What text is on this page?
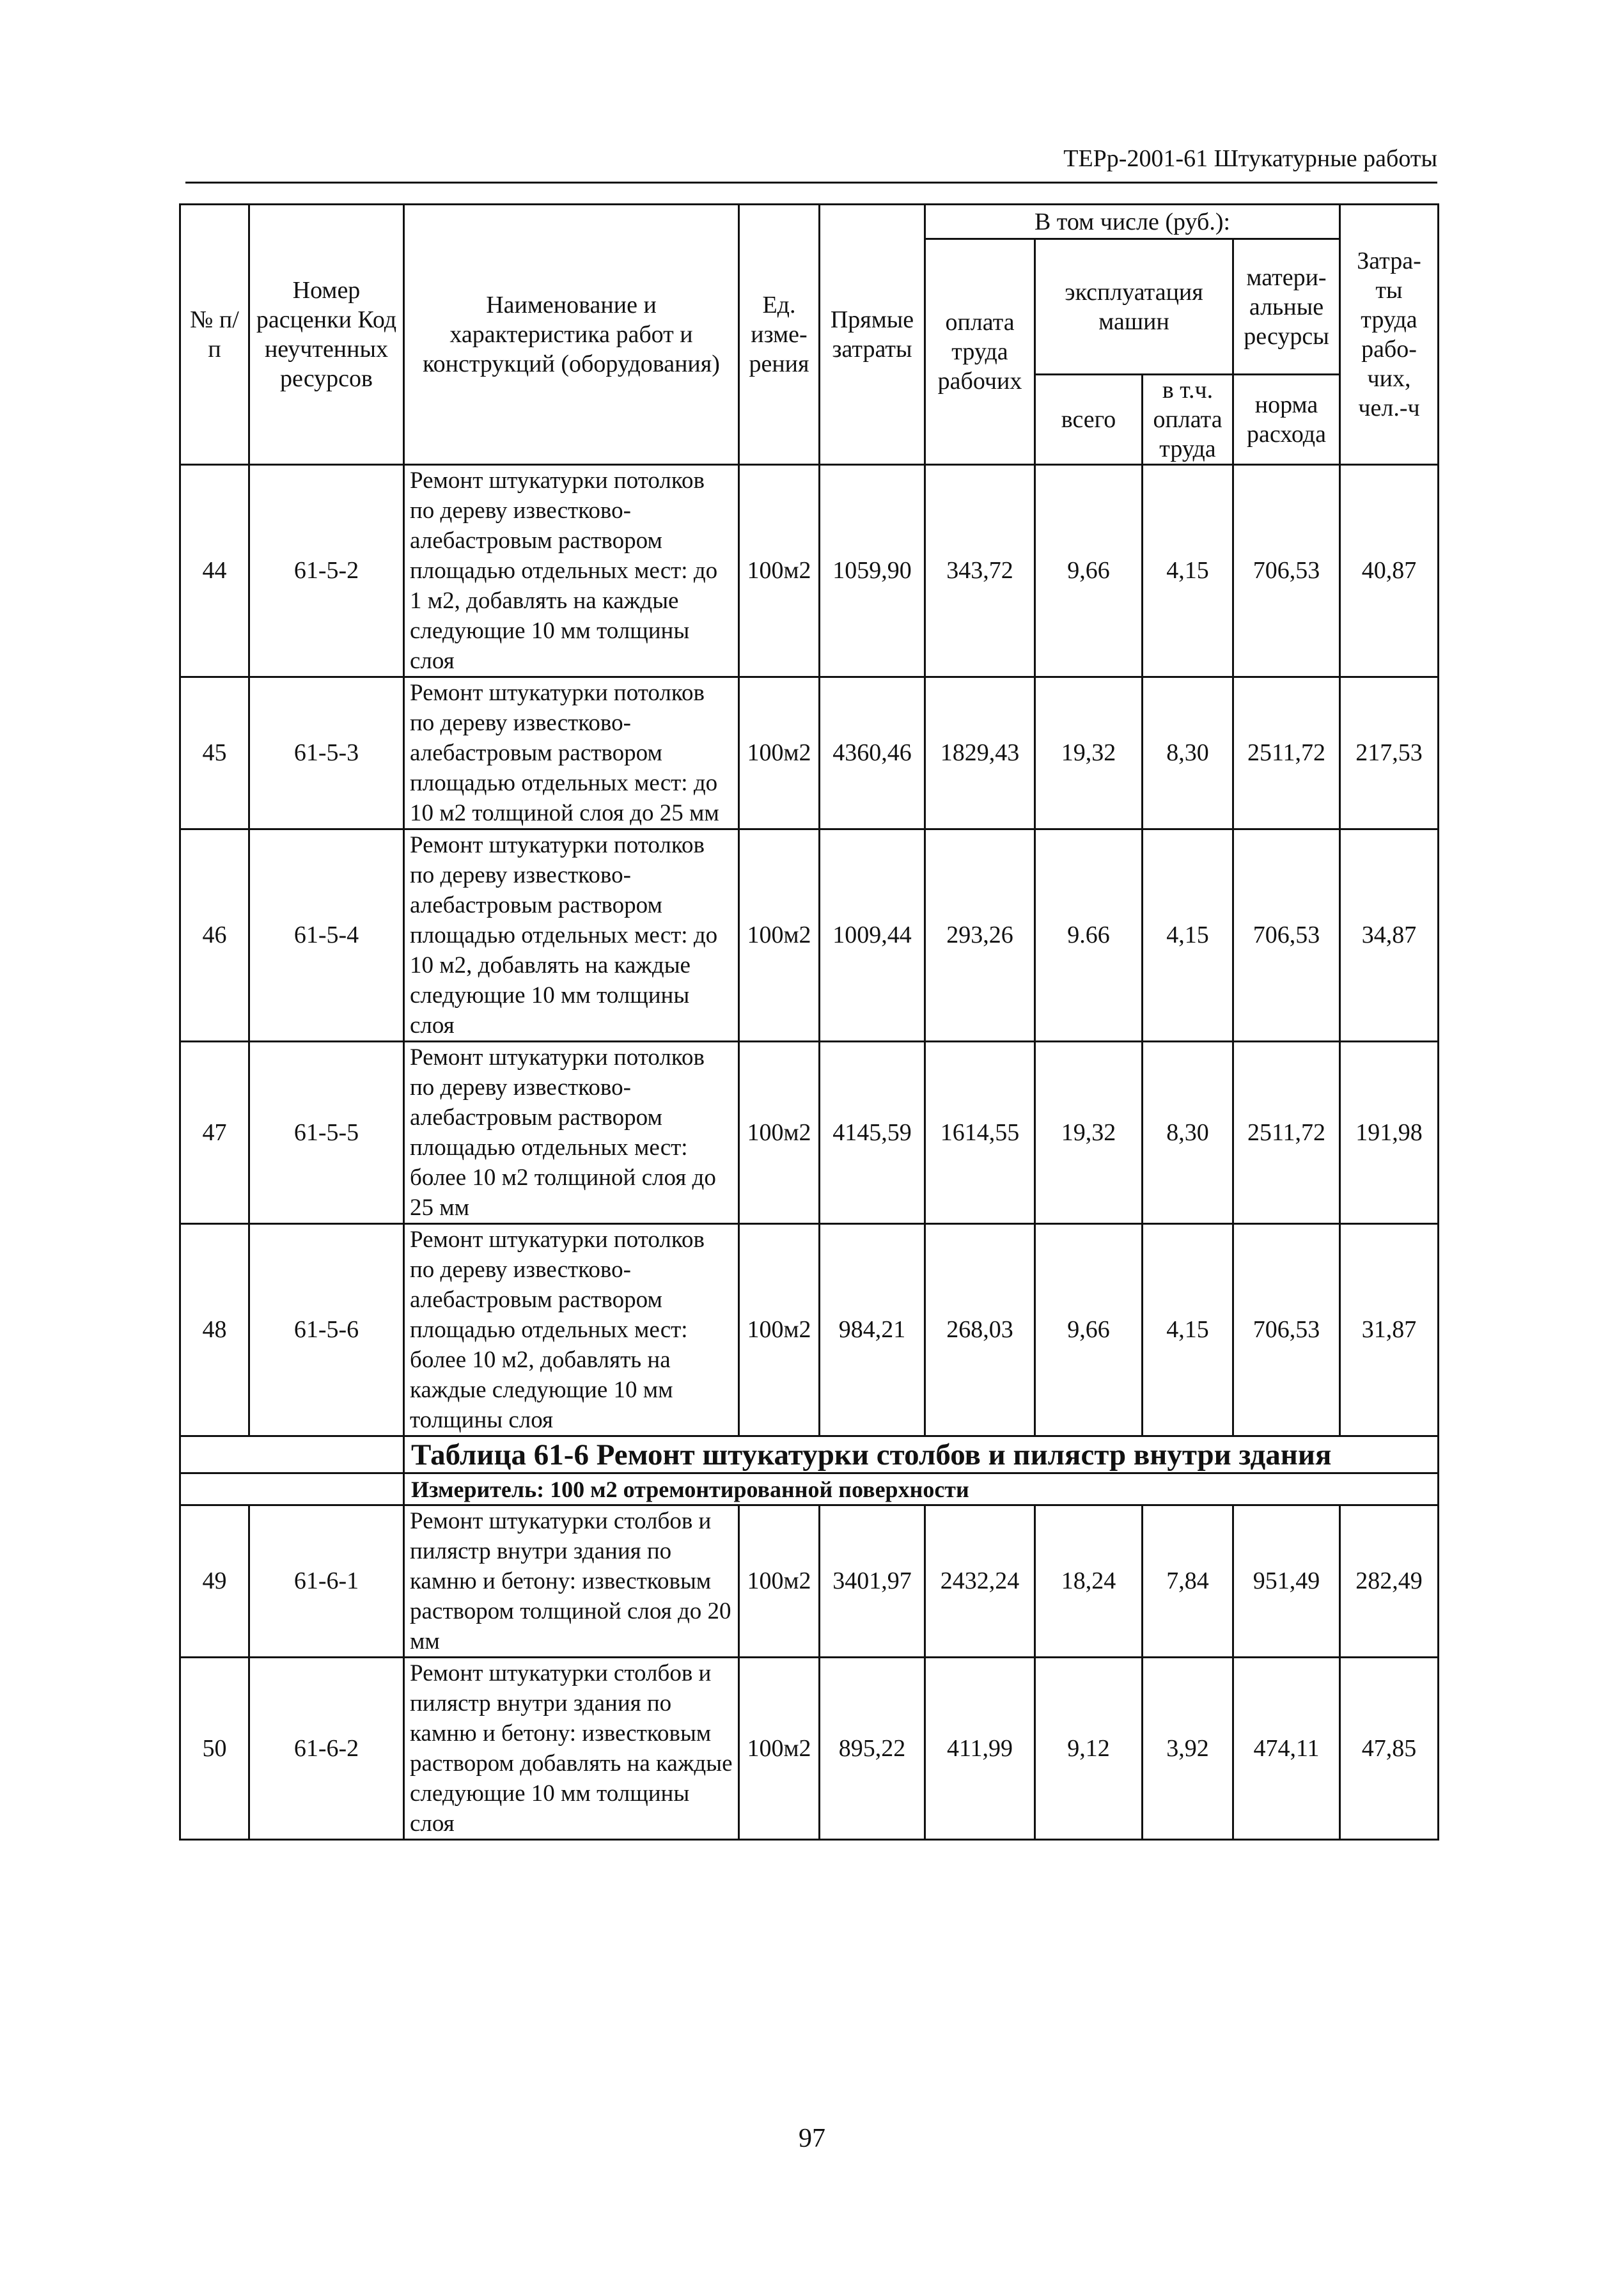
ТЕРр-2001-61 Штукатурные работы
№ п/п	Номер расценки Код неучтенных ресурсов	Наименование и характеристика работ и конструкций (оборудования)	Ед. изме-рения	Прямые затраты	В том числе (руб.):				Затра-ты труда рабо-чих, чел.-ч
					оплата труда рабочих	эксплуатация машин		матери-альные ресурсы	
						всего	в т.ч. оплата труда	норма расхода	

44	61-5-2	Ремонт штукатурки потолков по дереву известково-алебастровым раствором площадью отдельных мест: до 1 м2, добавлять на каждые следующие 10 мм толщины слоя	100м2	1059,90	343,72	9,66	4,15	706,53	40,87
45	61-5-3	Ремонт штукатурки потолков по дереву известково-алебастровым раствором площадью отдельных мест: до 10 м2 толщиной слоя до 25 мм	100м2	4360,46	1829,43	19,32	8,30	2511,72	217,53
46	61-5-4	Ремонт штукатурки потолков по дереву известково-алебастровым раствором площадью отдельных мест: до 10 м2, добавлять на каждые следующие 10 мм толщины слоя	100м2	1009,44	293,26	9.66	4,15	706,53	34,87
47	61-5-5	Ремонт штукатурки потолков по дереву известково-алебастровым раствором площадью отдельных мест: более 10 м2 толщиной слоя до 25 мм	100м2	4145,59	1614,55	19,32	8,30	2511,72	191,98
48	61-5-6	Ремонт штукатурки потолков по дереву известково-алебастровым раствором площадью отдельных мест: более 10 м2, добавлять на каждые следующие 10 мм толщины слоя	100м2	984,21	268,03	9,66	4,15	706,53	31,87
		Таблица 61-6 Ремонт штукатурки столбов и пилястр внутри здания							
		Измеритель: 100 м2 отремонтированной поверхности							
49	61-6-1	Ремонт штукатурки столбов и пилястр внутри здания по камню и бетону: известковым раствором толщиной слоя до 20 мм	100м2	3401,97	2432,24	18,24	7,84	951,49	282,49
50	61-6-2	Ремонт штукатурки столбов и пилястр внутри здания по камню и бетону: известковым раствором добавлять на каждые следующие 10 мм толщины слоя	100м2	895,22	411,99	9,12	3,92	474,11	47,85
97
